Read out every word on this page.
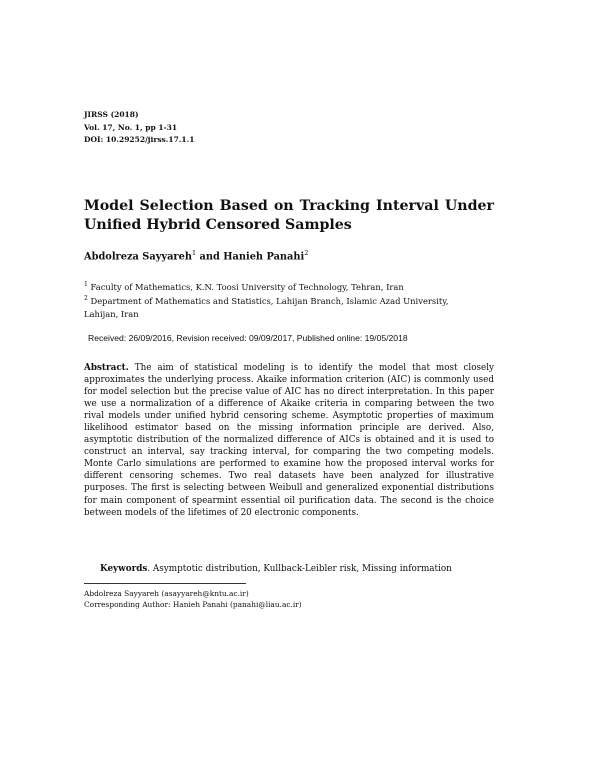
JIRSS (2018)
Vol. 17, No. 1, pp 1-31
DOI: 10.29252/jirss.17.1.1
Model Selection Based on Tracking Interval Under Unified Hybrid Censored Samples
Abdolreza Sayyareh$^1$ and Hanieh Panahi$^2$
$^1$ Faculty of Mathematics, K.N. Toosi University of Technology, Tehran, Iran
$^2$ Department of Mathematics and Statistics, Lahijan Branch, Islamic Azad University, Lahijan, Iran
Received: 26/09/2016, Revision received: 09/09/2017, Published online: 19/05/2018

Abstract. The aim of statistical modeling is to identify the model that most closely approximates the underlying process. Akaike information criterion (AIC) is commonly used for model selection but the precise value of AIC has no direct interpretation. In this paper we use a normalization of a difference of Akaike criteria in comparing between the two rival models under unified hybrid censoring scheme. Asymptotic properties of maximum likelihood estimator based on the missing information principle are derived. Also, asymptotic distribution of the normalized difference of AICs is obtained and it is used to construct an interval, say tracking interval, for comparing the two competing models. Monte Carlo simulations are performed to examine how the proposed interval works for different censoring schemes. Two real datasets have been analyzed for illustrative purposes. The first is selecting between Weibull and generalized exponential distributions for main component of spearmint essential oil purification data. The second is the choice between models of the lifetimes of 20 electronic components.

Keywords. Asymptotic distribution, Kullback-Leibler risk, Missing information
Abdolreza Sayyareh (asayyareh@kntu.ac.ir)
Corresponding Author: Hanieh Panahi (panahi@liau.ac.ir)
